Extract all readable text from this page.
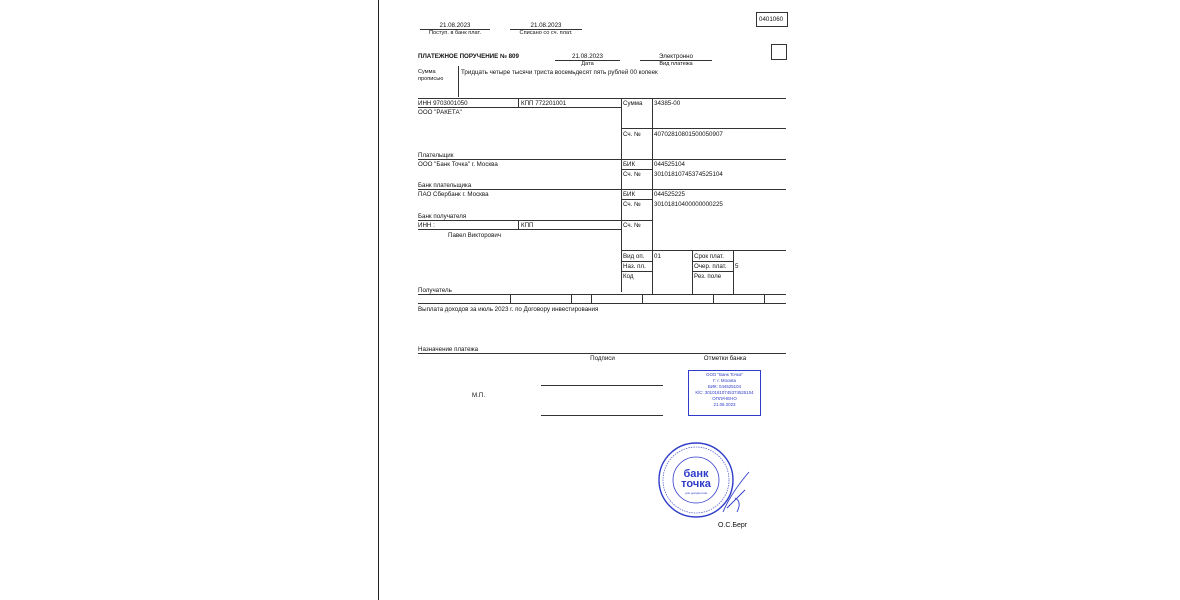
21.08.2023
Поступ. в банк плат.
21.08.2023
Списано со сч. плат.
0401060
ПЛАТЕЖНОЕ ПОРУЧЕНИЕ № 809	21.08.2023
Дата
Электронно
Вид платежа
Сумма
прописью
Тридцать четыре тысячи триста восемьдесят пять рублей 00 копеек
ИНН 9703001050	КПП 772201001
ООО "РАКЕТА"
Плательщик
Сумма 34385-00
Сч. № 40702810801500050907
ООО "Банк Точка" г. Москва
Банк плательщика
БИК	044525104
Сч. № 30101810745374525104
ПАО Сбербанк г. Москва
Банк получателя
БИК	044525225
Сч. № 30101810400000000225
ИНН :	КПП	Сч. №
Павел Викторович
Получатель
Вид оп. 01
Наз. пл.
Код
Срок плат.
Очер. плат. 5
Рез. поле
Выплата доходов за июль 2023 г. по Договору инвестирования
Назначение платежа
Подписи	Отметки банка
М.П.
ООО "Банк Точка"
Г. г. Москва
БИК: 044525104
К/С: 30101810745374525104
ОПЛАЧЕНО
21.08.2023
банк
точка
для документов
О.С.Берг
